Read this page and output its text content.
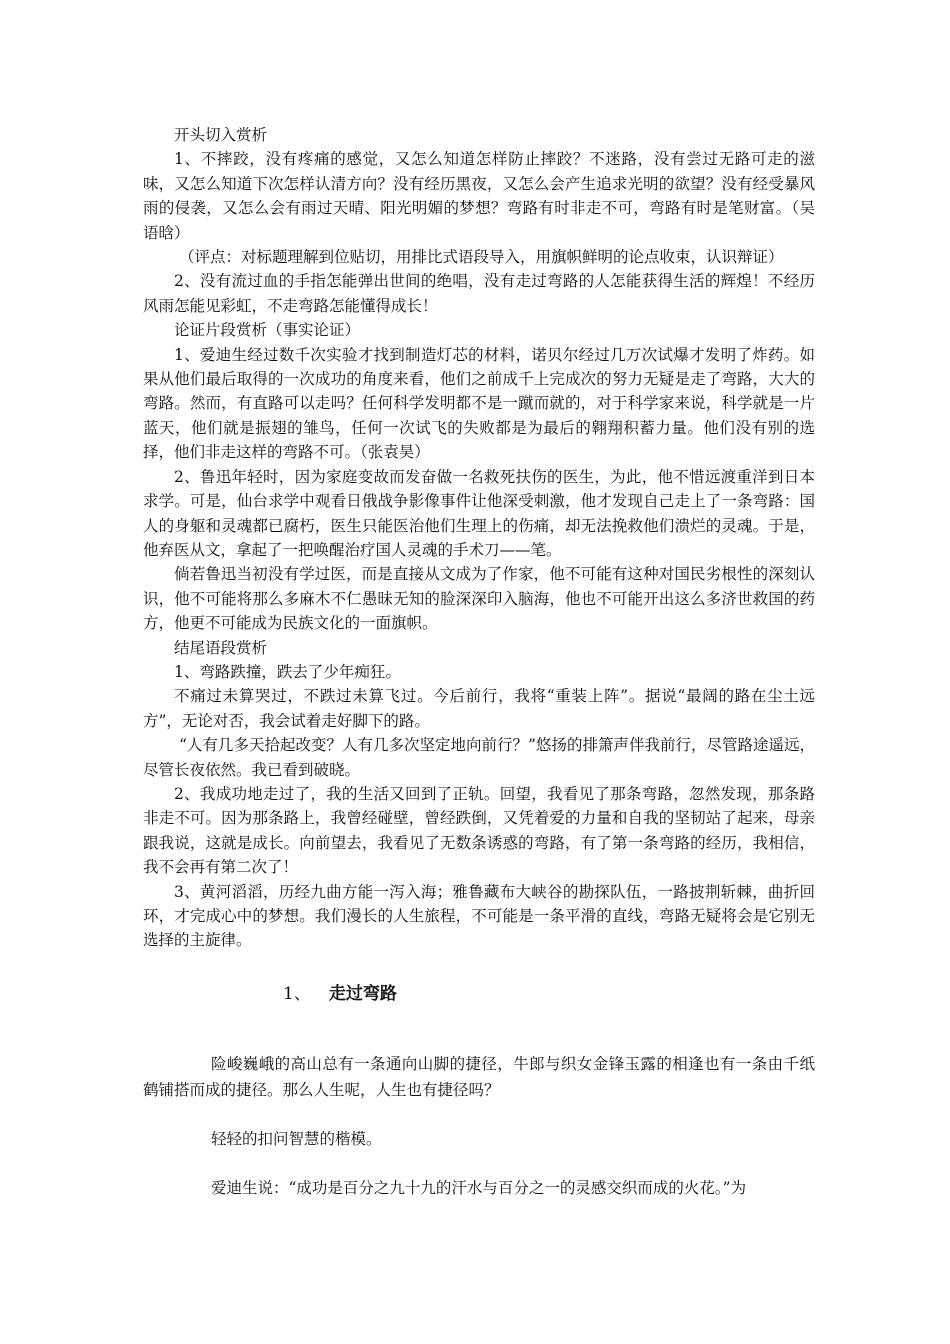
开头切入赏析

1、不摔跤，没有疼痛的感觉，又怎么知道怎样防止摔跤？不迷路，没有尝过无路可走的滋味，又怎么知道下次怎样认清方向？没有经历黑夜，又怎么会产生追求光明的欲望？没有经受暴风雨的侵袭，又怎么会有雨过天晴、阳光明媚的梦想？弯路有时非走不可，弯路有时是笔财富。（吴语晗）

（评点：对标题理解到位贴切，用排比式语段导入，用旗帜鲜明的论点收束，认识辩证）

2、没有流过血的手指怎能弹出世间的绝唱，没有走过弯路的人怎能获得生活的辉煌！不经历风雨怎能见彩虹，不走弯路怎能懂得成长！

论证片段赏析（事实论证）

1、爱迪生经过数千次实验才找到制造灯芯的材料，诺贝尔经过几万次试爆才发明了炸药。如果从他们最后取得的一次成功的角度来看，他们之前成千上完成次的努力无疑是走了弯路，大大的弯路。然而，有直路可以走吗？任何科学发明都不是一蹴而就的，对于科学家来说，科学就是一片蓝天，他们就是振翅的雏鸟，任何一次试飞的失败都是为最后的翱翔积蓄力量。他们没有别的选择，他们非走这样的弯路不可。（张袁昊）

2、鲁迅年轻时，因为家庭变故而发奋做一名救死扶伤的医生，为此，他不惜远渡重洋到日本求学。可是，仙台求学中观看日俄战争影像事件让他深受刺激，他才发现自己走上了一条弯路：国人的身躯和灵魂都已腐朽，医生只能医治他们生理上的伤痛，却无法挽救他们溃烂的灵魂。于是，他弃医从文，拿起了一把唤醒治疗国人灵魂的手术刀——笔。

倘若鲁迅当初没有学过医，而是直接从文成为了作家，他不可能有这种对国民劣根性的深刻认识，他不可能将那么多麻木不仁愚昧无知的脸深深印入脑海，他也不可能开出这么多济世救国的药方，他更不可能成为民族文化的一面旗帜。

结尾语段赏析

1、弯路跌撞，跌去了少年痴狂。

不痛过未算哭过，不跌过未算飞过。今后前行，我将“重装上阵”。据说“最阔的路在尘土远方”，无论对否，我会试着走好脚下的路。

“人有几多天拾起改变？人有几多次坚定地向前行？”悠扬的排箫声伴我前行，尽管路途遥远，尽管长夜依然。我已看到破晓。

2、我成功地走过了，我的生活又回到了正轨。回望，我看见了那条弯路，忽然发现，那条路非走不可。因为那条路上，我曾经碰壁，曾经跌倒，又凭着爱的力量和自我的坚韧站了起来，母亲跟我说，这就是成长。向前望去，我看见了无数条诱惑的弯路，有了第一条弯路的经历，我相信，我不会再有第二次了！

3、黄河滔滔，历经九曲方能一泻入海；雅鲁藏布大峡谷的勘探队伍，一路披荆斩棘，曲折回环，才完成心中的梦想。我们漫长的人生旅程，不可能是一条平滑的直线，弯路无疑将会是它别无选择的主旋律。

1、 走过弯路

险峻巍峨的高山总有一条通向山脚的捷径，牛郎与织女金锋玉露的相逢也有一条由千纸鹤铺搭而成的捷径。那么人生呢，人生也有捷径吗？

轻轻的扣问智慧的楷模。

爱迪生说：“成功是百分之九十九的汗水与百分之一的灵感交织而成的火花。”为
